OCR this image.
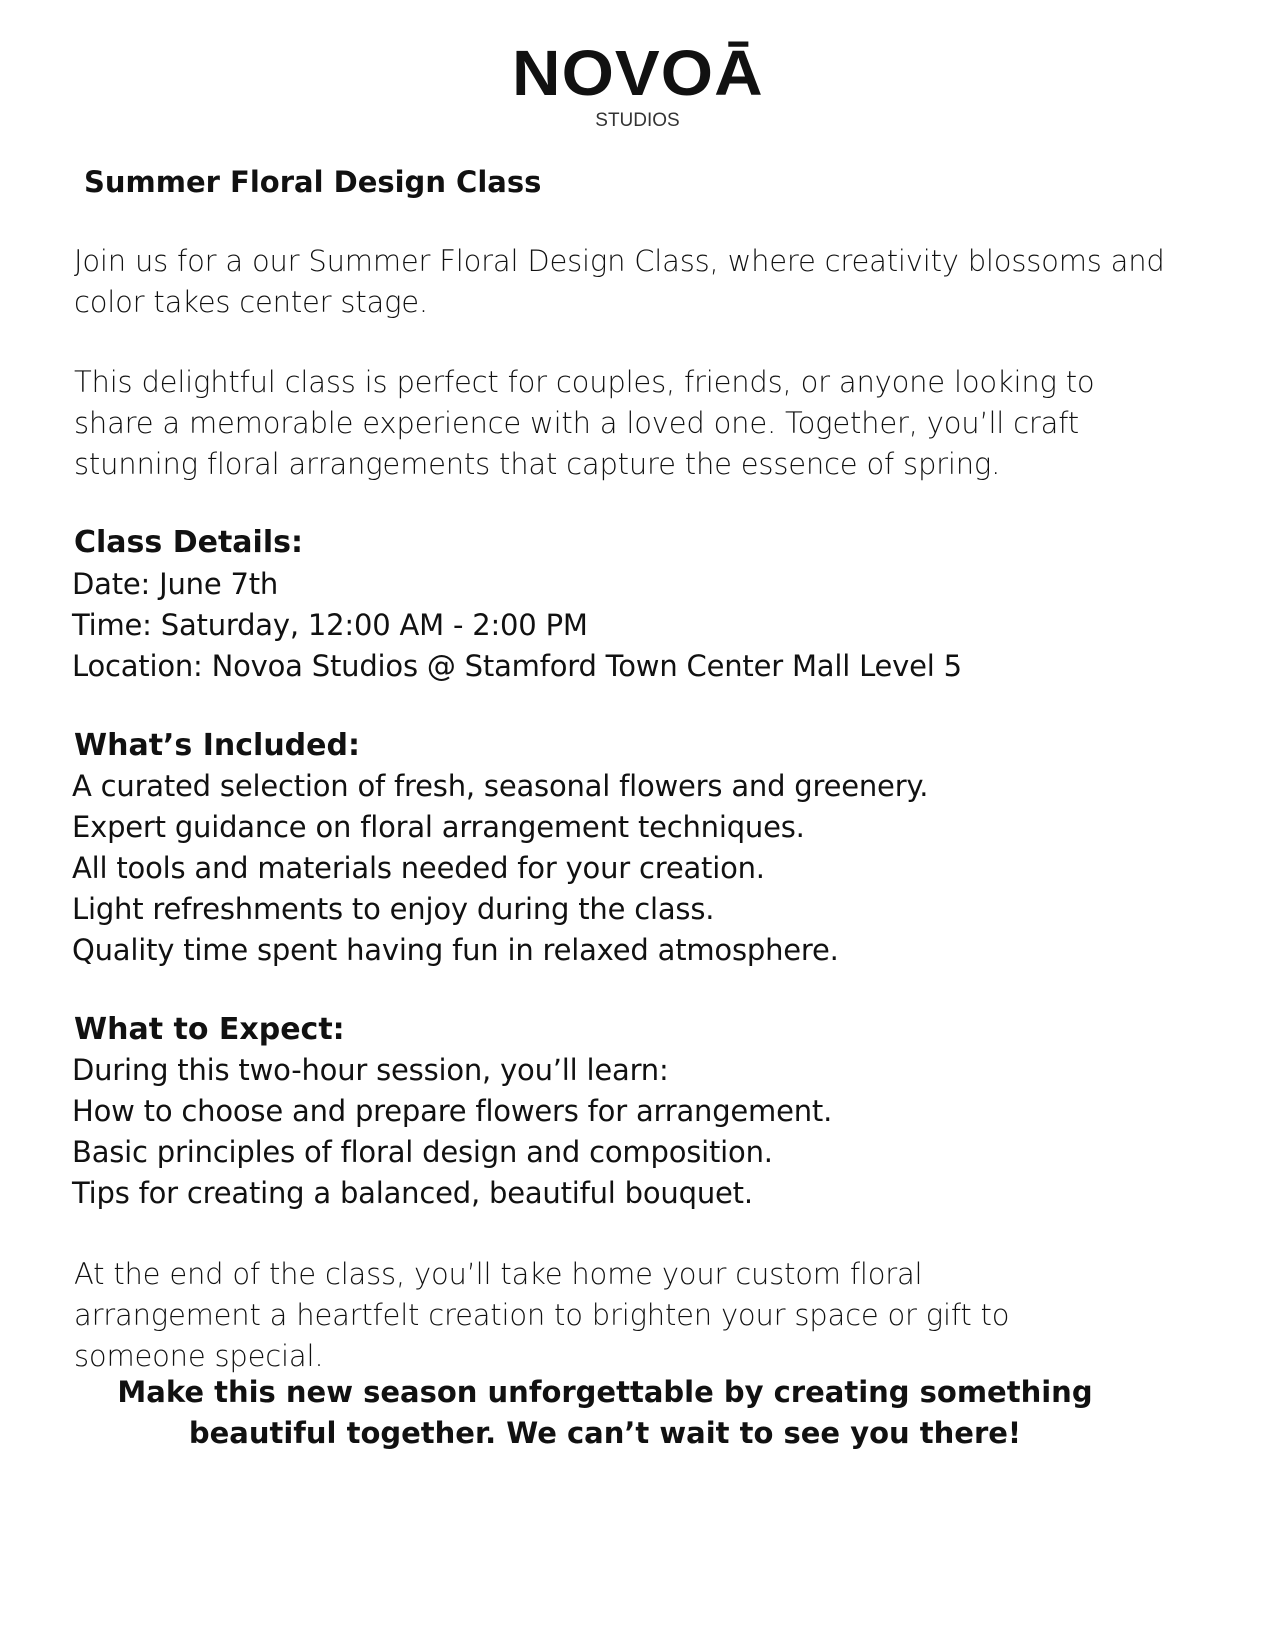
NOVOĀ
STUDIOS
Summer Floral Design Class

Join us for a our Summer Floral Design Class, where creativity blossoms and color takes center stage.

This delightful class is perfect for couples, friends, or anyone looking to share a memorable experience with a loved one. Together, you’ll craft stunning floral arrangements that capture the essence of spring.

Class Details:
Date: June 7th
Time: Saturday, 12:00 AM - 2:00 PM
Location: Novoa Studios @ Stamford Town Center Mall Level 5
What’s Included:
A curated selection of fresh, seasonal flowers and greenery.
Expert guidance on floral arrangement techniques.
All tools and materials needed for your creation.
Light refreshments to enjoy during the class.
Quality time spent having fun in relaxed atmosphere.
What to Expect:
During this two-hour session, you’ll learn:
How to choose and prepare flowers for arrangement.
Basic principles of floral design and composition.
Tips for creating a balanced, beautiful bouquet.

At the end of the class, you’ll take home your custom floral arrangement a heartfelt creation to brighten your space or gift to someone special.

Make this new season unforgettable by creating something
beautiful together. We can’t wait to see you there!
